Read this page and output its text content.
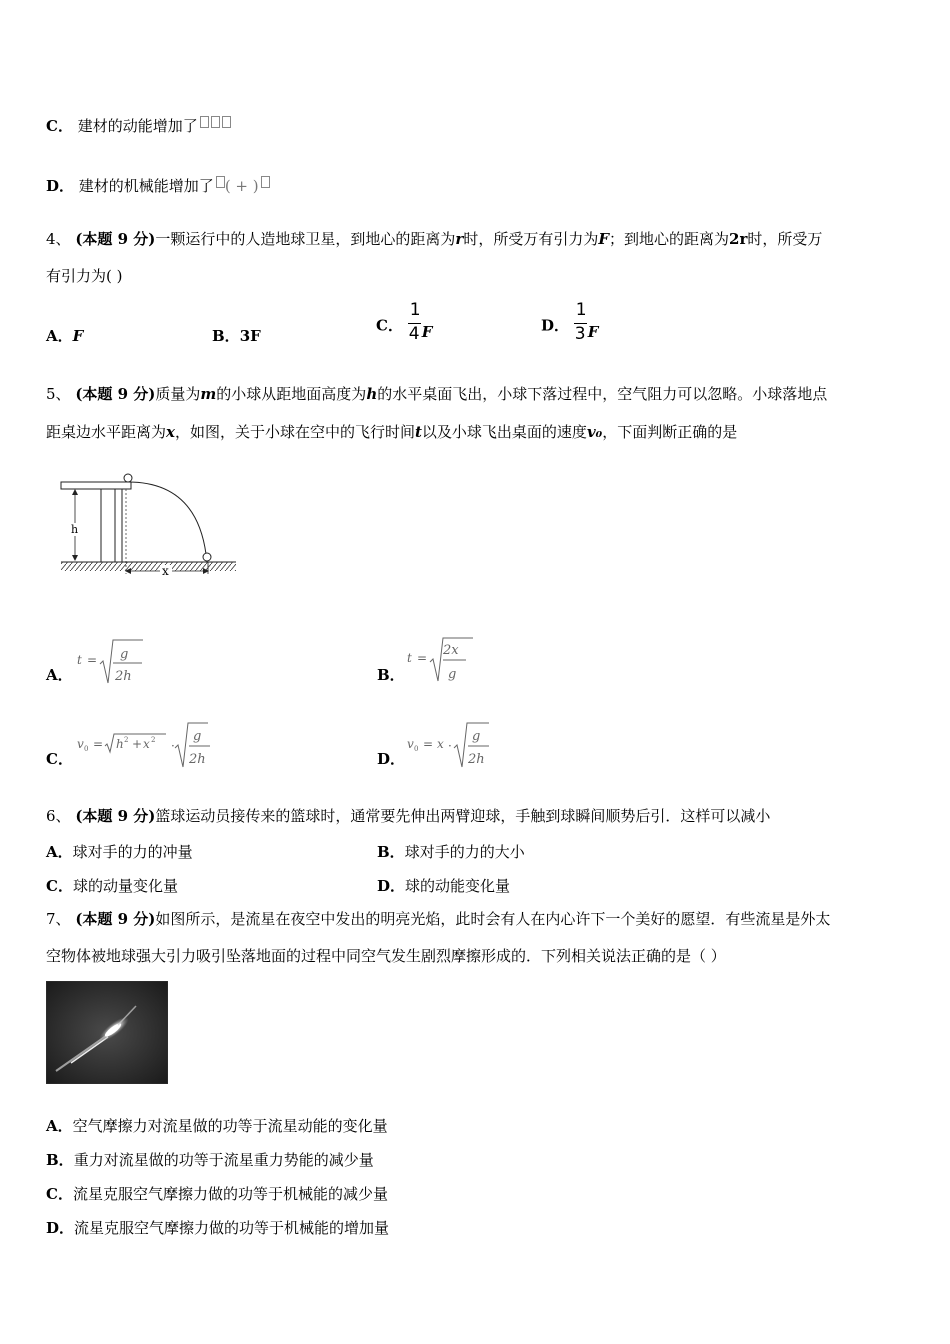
C． 建材的动能增加了
D． 建材的机械能增加了 ( + )
4、 (本题 9 分)一颗运行中的人造地球卫星，到地心的距离为r时，所受万有引力为F；到地心的距离为2r时，所受万
有引力为( )
A．F	B．3F
C． $\frac{1}{4}$ F	D． $\frac{1}{3}$ F
5、 (本题 9 分)质量为m的小球从距地面高度为h的水平桌面飞出，小球下落过程中，空气阻力可以忽略。小球落地点
距桌边水平距离为x，如图，关于小球在空中的飞行时间t以及小球飞出桌面的速度v₀，下面判断正确的是
h
x
A．
t = g
2h	B．
t = 2x
g
C．
v 0 = h 2 + x 2 ·
g
2h	D．
v 0 = x ·
g
2h
6、 (本题 9 分)篮球运动员接传来的篮球时，通常要先伸出两臂迎球，手触到球瞬间顺势后引．这样可以减小
A．球对手的力的冲量	B．球对手的力的大小
C．球的动量变化量	D．球的动能变化量
7、 (本题 9 分)如图所示，是流星在夜空中发出的明亮光焰，此时会有人在内心许下一个美好的愿望．有些流星是外太
空物体被地球强大引力吸引坠落地面的过程中同空气发生剧烈摩擦形成的．下列相关说法正确的是（ ）
A．空气摩擦力对流星做的功等于流星动能的变化量
B．重力对流星做的功等于流星重力势能的减少量
C．流星克服空气摩擦力做的功等于机械能的减少量
D．流星克服空气摩擦力做的功等于机械能的增加量
